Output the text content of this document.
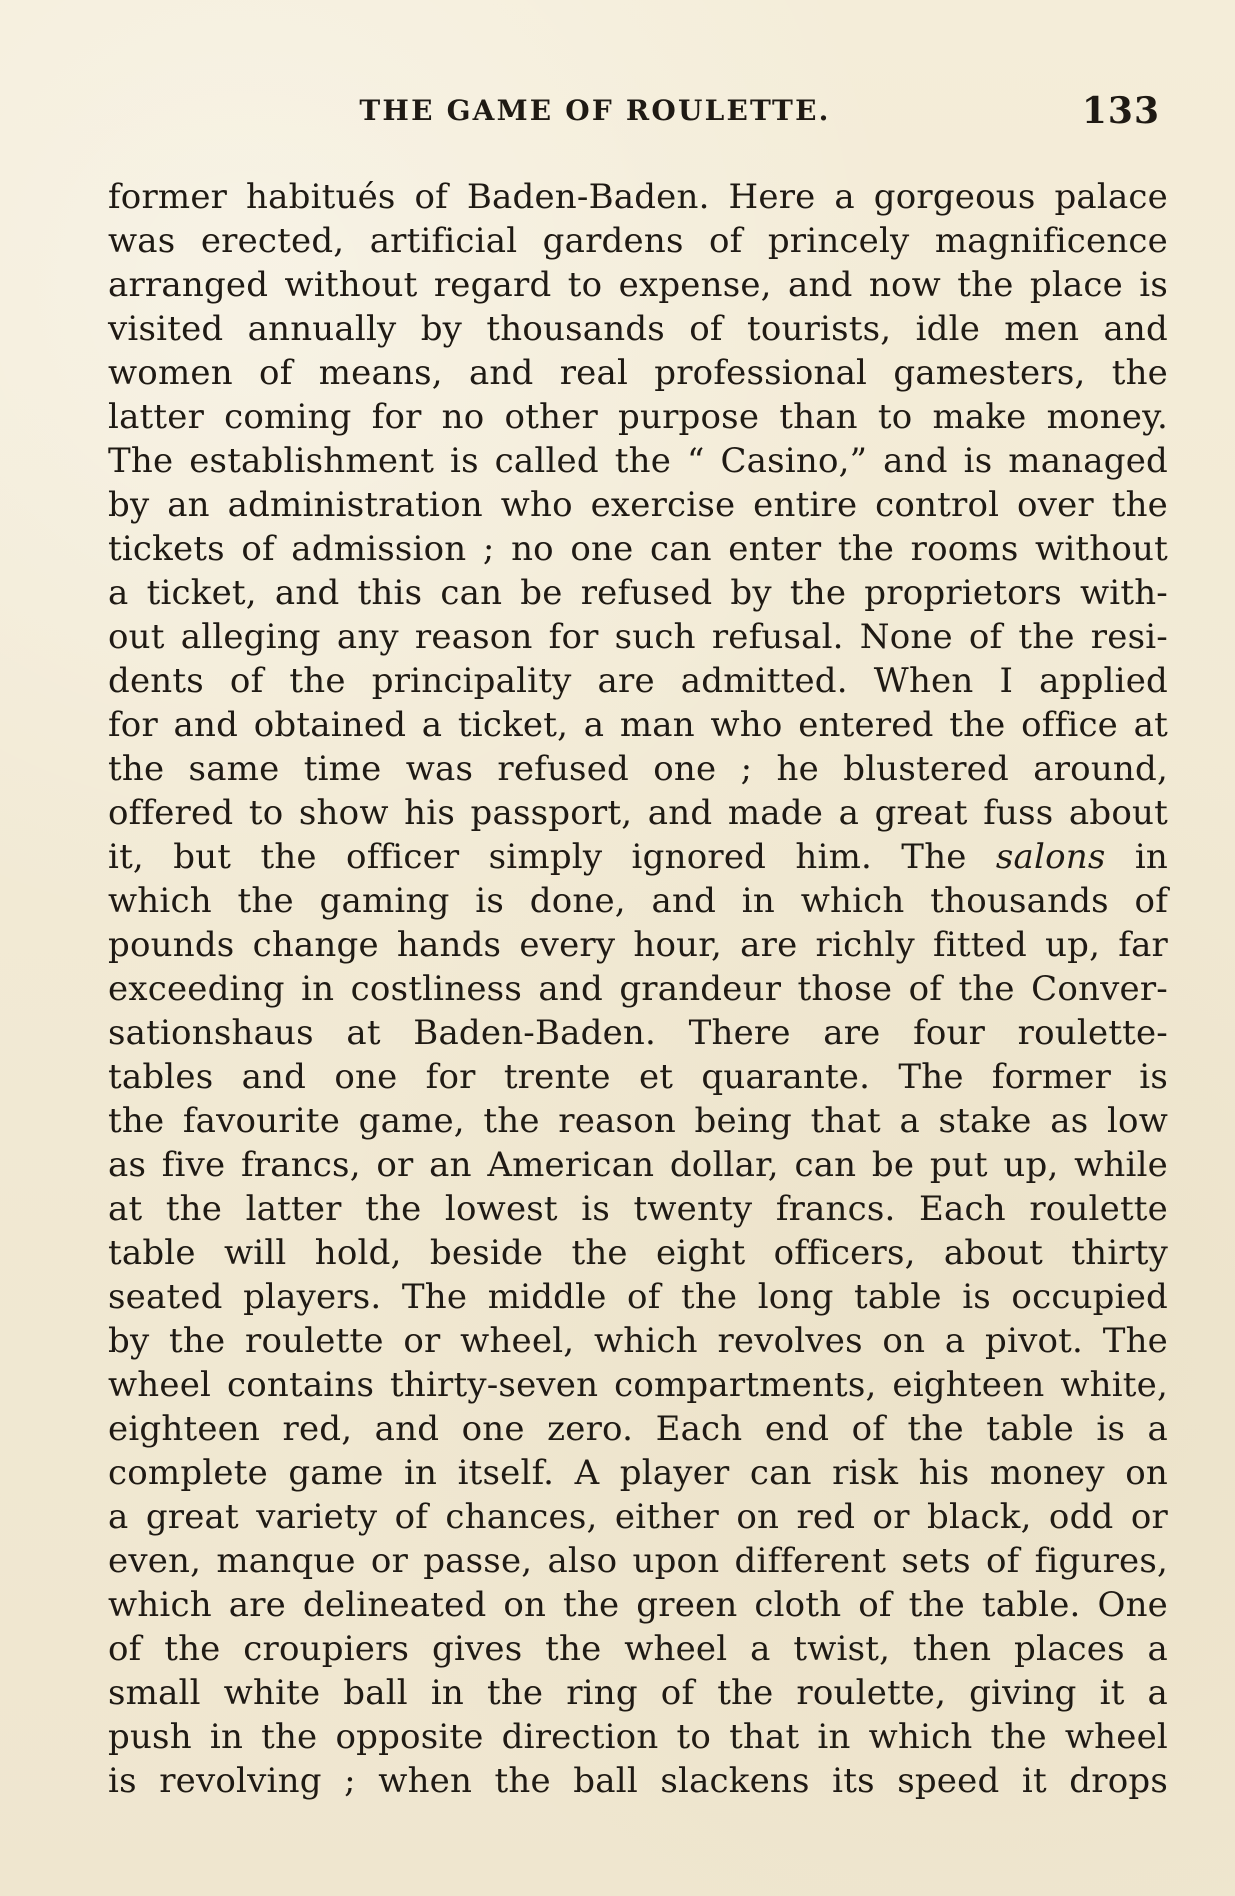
THE GAME OF ROULETTE.	133
former habitués of Baden-Baden. Here a gorgeous palace
was erected, artificial gardens of princely magnificence
arranged without regard to expense, and now the place is
visited annually by thousands of tourists, idle men and
women of means, and real professional gamesters, the
latter coming for no other purpose than to make money.
The establishment is called the “ Casino,” and is managed
by an administration who exercise entire control over the
tickets of admission ; no one can enter the rooms without
a ticket, and this can be refused by the proprietors with-
out alleging any reason for such refusal. None of the resi-
dents of the principality are admitted. When I applied
for and obtained a ticket, a man who entered the office at
the same time was refused one ; he blustered around,
offered to show his passport, and made a great fuss about
it, but the officer simply ignored him. The salons in
which the gaming is done, and in which thousands of
pounds change hands every hour, are richly fitted up, far
exceeding in costliness and grandeur those of the Conver-
sationshaus at Baden-Baden. There are four roulette-
tables and one for trente et quarante. The former is
the favourite game, the reason being that a stake as low
as five francs, or an American dollar, can be put up, while
at the latter the lowest is twenty francs. Each roulette
table will hold, beside the eight officers, about thirty
seated players. The middle of the long table is occupied
by the roulette or wheel, which revolves on a pivot. The
wheel contains thirty-seven compartments, eighteen white,
eighteen red, and one zero. Each end of the table is a
complete game in itself. A player can risk his money on
a great variety of chances, either on red or black, odd or
even, manque or passe, also upon different sets of figures,
which are delineated on the green cloth of the table. One
of the croupiers gives the wheel a twist, then places a
small white ball in the ring of the roulette, giving it a
push in the opposite direction to that in which the wheel
is revolving ; when the ball slackens its speed it drops
